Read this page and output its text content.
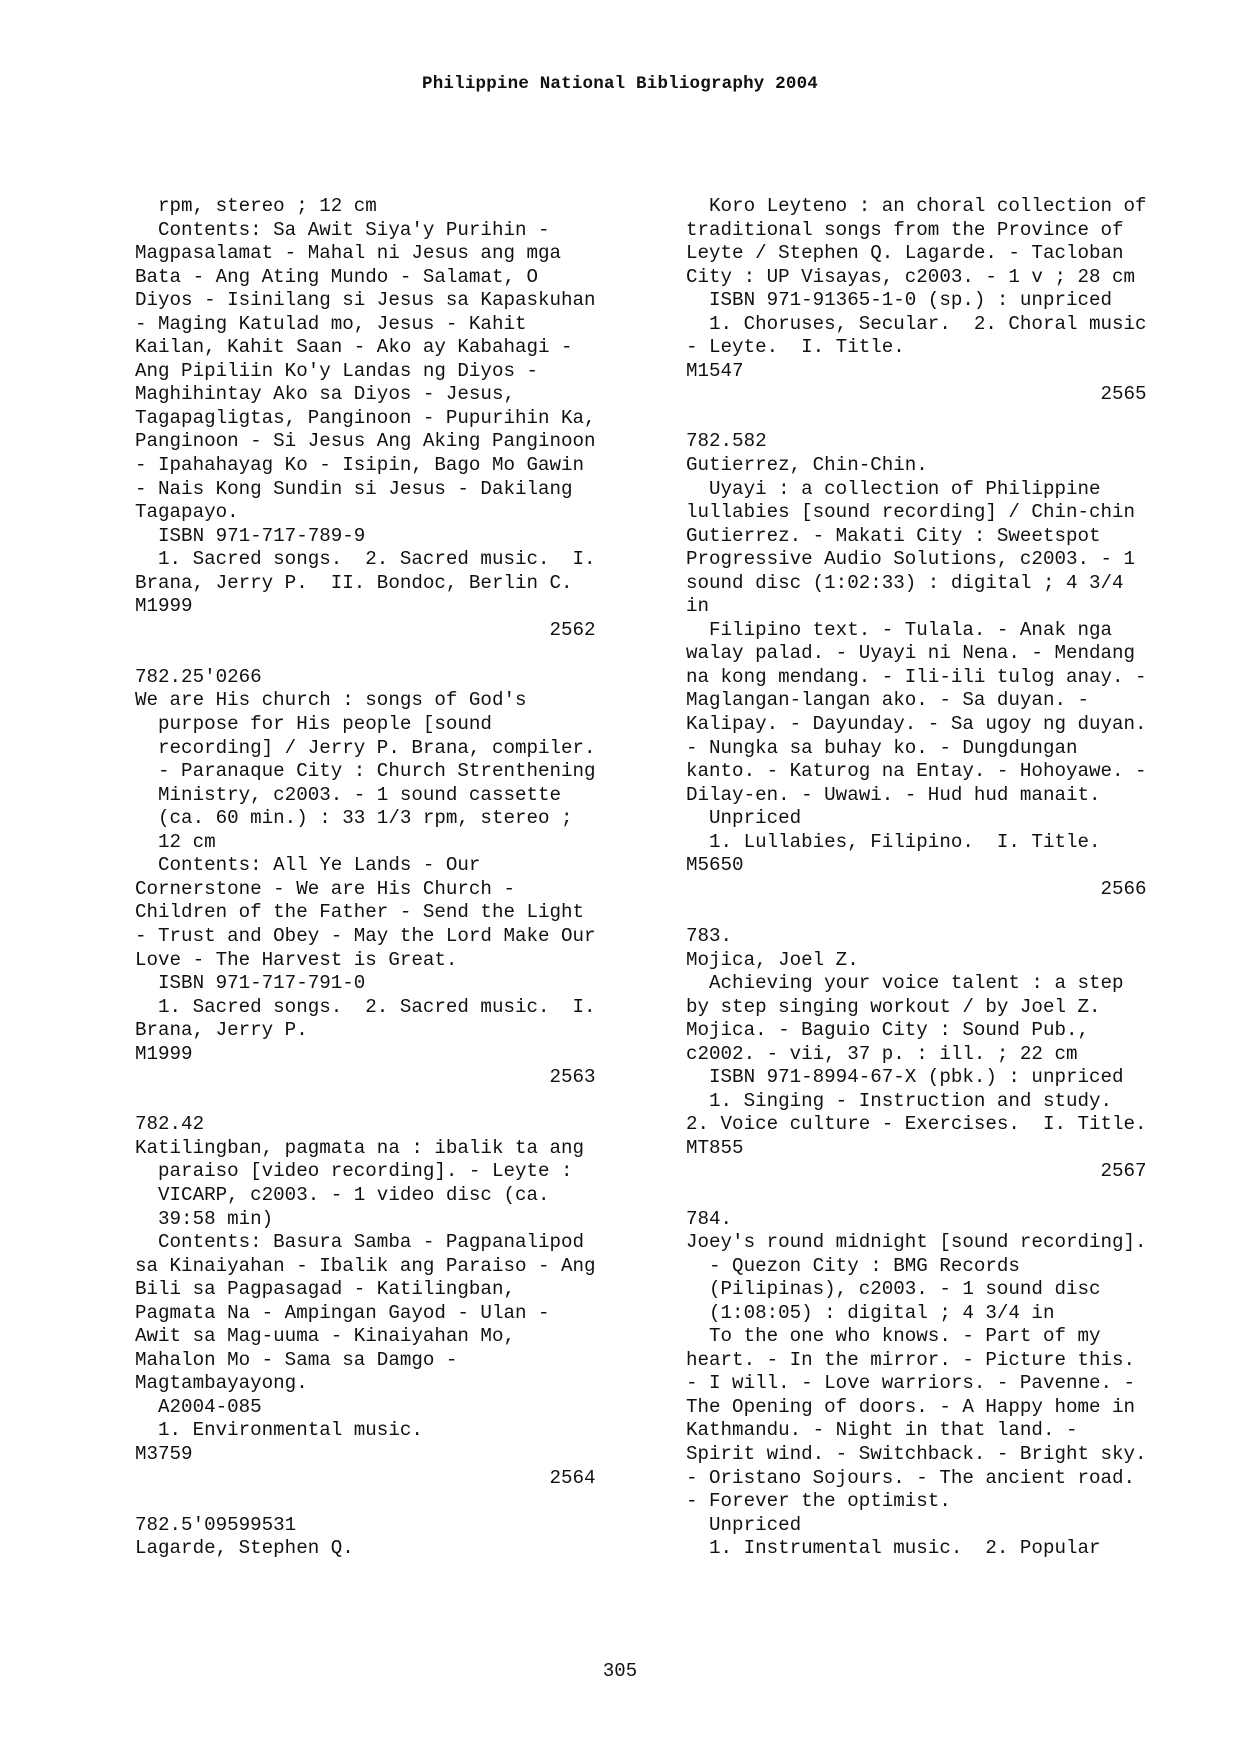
Philippine National Bibliography 2004
rpm, stereo ; 12 cm
Contents: Sa Awit Siya'y Purihin -
Magpasalamat - Mahal ni Jesus ang mga
Bata - Ang Ating Mundo - Salamat, O
Diyos - Isinilang si Jesus sa Kapaskuhan
- Maging Katulad mo, Jesus - Kahit
Kailan, Kahit Saan - Ako ay Kabahagi -
Ang Pipiliin Ko'y Landas ng Diyos -
Maghihintay Ako sa Diyos - Jesus,
Tagapagligtas, Panginoon - Pupurihin Ka,
Panginoon - Si Jesus Ang Aking Panginoon
- Ipahahayag Ko - Isipin, Bago Mo Gawin
- Nais Kong Sundin si Jesus - Dakilang
Tagapayo.
ISBN 971-717-789-9
1. Sacred songs.  2. Sacred music.  I.
Brana, Jerry P.  II. Bondoc, Berlin C.
M1999
2562
782.25'0266
We are His church : songs of God's
purpose for His people [sound
recording] / Jerry P. Brana, compiler.
- Paranaque City : Church Strenthening
Ministry, c2003. - 1 sound cassette
(ca. 60 min.) : 33 1/3 rpm, stereo ;
12 cm
Contents: All Ye Lands - Our
Cornerstone - We are His Church -
Children of the Father - Send the Light
- Trust and Obey - May the Lord Make Our
Love - The Harvest is Great.
ISBN 971-717-791-0
1. Sacred songs.  2. Sacred music.  I.
Brana, Jerry P.
M1999
2563
782.42
Katilingban, pagmata na : ibalik ta ang
paraiso [video recording]. - Leyte :
VICARP, c2003. - 1 video disc (ca.
39:58 min)
Contents: Basura Samba - Pagpanalipod
sa Kinaiyahan - Ibalik ang Paraiso - Ang
Bili sa Pagpasagad - Katilingban,
Pagmata Na - Ampingan Gayod - Ulan -
Awit sa Mag-uuma - Kinaiyahan Mo,
Mahalon Mo - Sama sa Damgo -
Magtambayayong.
A2004-085
1. Environmental music.
M3759
2564
782.5'09599531
Lagarde, Stephen Q.
Koro Leyteno : an choral collection of
traditional songs from the Province of
Leyte / Stephen Q. Lagarde. - Tacloban
City : UP Visayas, c2003. - 1 v ; 28 cm
ISBN 971-91365-1-0 (sp.) : unpriced
1. Choruses, Secular.  2. Choral music
- Leyte.  I. Title.
M1547
2565
782.582
Gutierrez, Chin-Chin.
Uyayi : a collection of Philippine
lullabies [sound recording] / Chin-chin
Gutierrez. - Makati City : Sweetspot
Progressive Audio Solutions, c2003. - 1
sound disc (1:02:33) : digital ; 4 3/4
in
Filipino text. - Tulala. - Anak nga
walay palad. - Uyayi ni Nena. - Mendang
na kong mendang. - Ili-ili tulog anay. -
Maglangan-langan ako. - Sa duyan. -
Kalipay. - Dayunday. - Sa ugoy ng duyan.
- Nungka sa buhay ko. - Dungdungan
kanto. - Katurog na Entay. - Hohoyawe. -
Dilay-en. - Uwawi. - Hud hud manait.
Unpriced
1. Lullabies, Filipino.  I. Title.
M5650
2566
783.
Mojica, Joel Z.
Achieving your voice talent : a step
by step singing workout / by Joel Z.
Mojica. - Baguio City : Sound Pub.,
c2002. - vii, 37 p. : ill. ; 22 cm
ISBN 971-8994-67-X (pbk.) : unpriced
1. Singing - Instruction and study.
2. Voice culture - Exercises.  I. Title.
MT855
2567
784.
Joey's round midnight [sound recording].
- Quezon City : BMG Records
(Pilipinas), c2003. - 1 sound disc
(1:08:05) : digital ; 4 3/4 in
To the one who knows. - Part of my
heart. - In the mirror. - Picture this.
- I will. - Love warriors. - Pavenne. -
The Opening of doors. - A Happy home in
Kathmandu. - Night in that land. -
Spirit wind. - Switchback. - Bright sky.
- Oristano Sojours. - The ancient road.
- Forever the optimist.
Unpriced
1. Instrumental music.  2. Popular
305
